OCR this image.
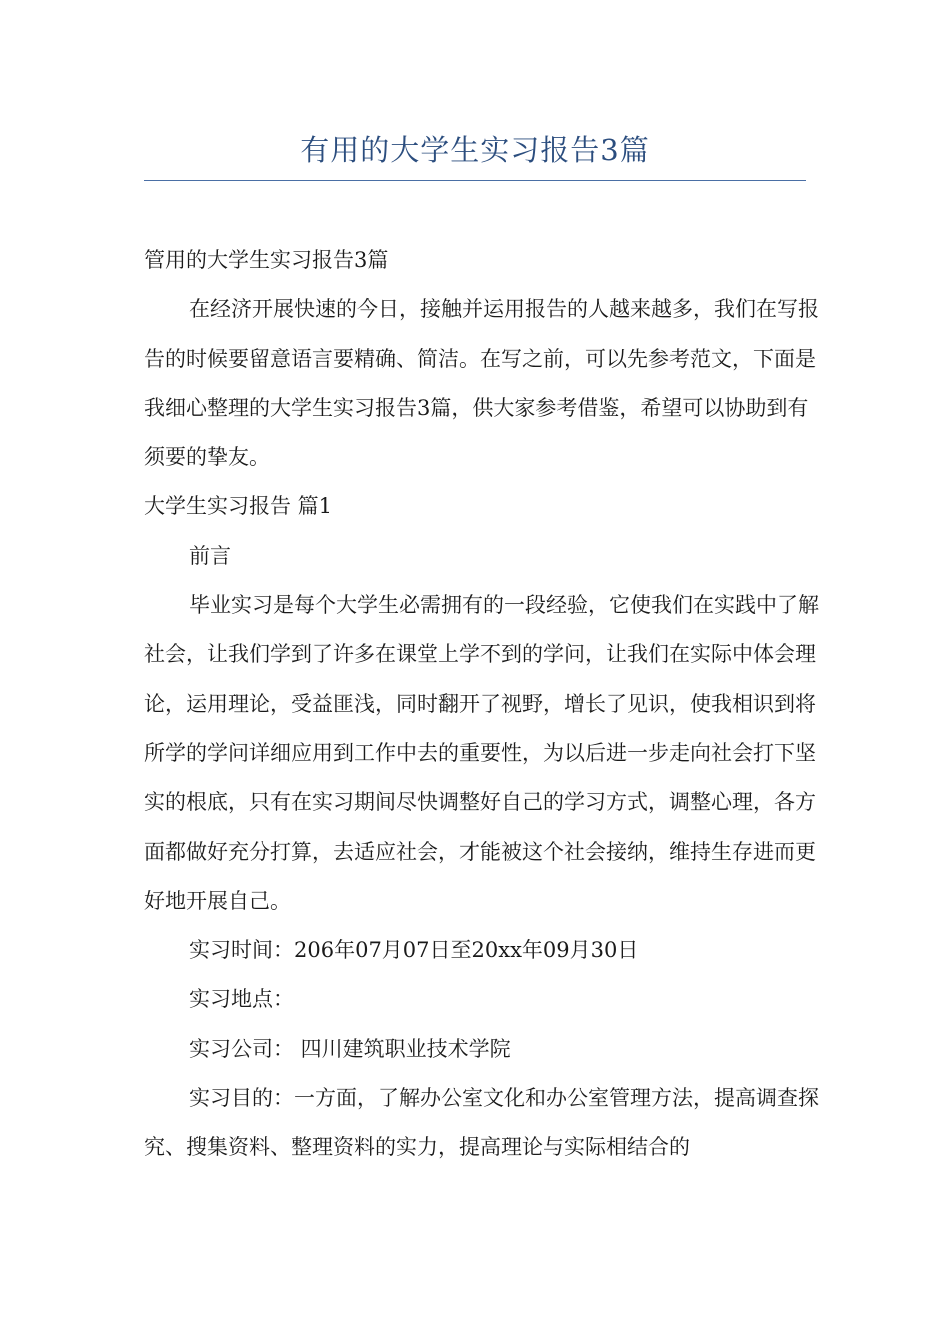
有用的大学生实习报告3篇

管用的大学生实习报告3篇

在经济开展快速的今日，接触并运用报告的人越来越多，我们在写报告的时候要留意语言要精确、简洁。在写之前，可以先参考范文，下面是我细心整理的大学生实习报告3篇，供大家参考借鉴，希望可以协助到有须要的挚友。

大学生实习报告 篇1

前言

毕业实习是每个大学生必需拥有的一段经验，它使我们在实践中了解社会，让我们学到了许多在课堂上学不到的学问，让我们在实际中体会理论，运用理论，受益匪浅，同时翻开了视野，增长了见识，使我相识到将所学的学问详细应用到工作中去的重要性，为以后进一步走向社会打下坚实的根底，只有在实习期间尽快调整好自己的学习方式，调整心理，各方面都做好充分打算，去适应社会，才能被这个社会接纳，维持生存进而更好地开展自己。

实习时间：206年07月07日至20xx年09月30日

实习地点：

实习公司： 四川建筑职业技术学院

实习目的：一方面，了解办公室文化和办公室管理方法，提高调查探究、搜集资料、整理资料的实力，提高理论与实际相结合的
